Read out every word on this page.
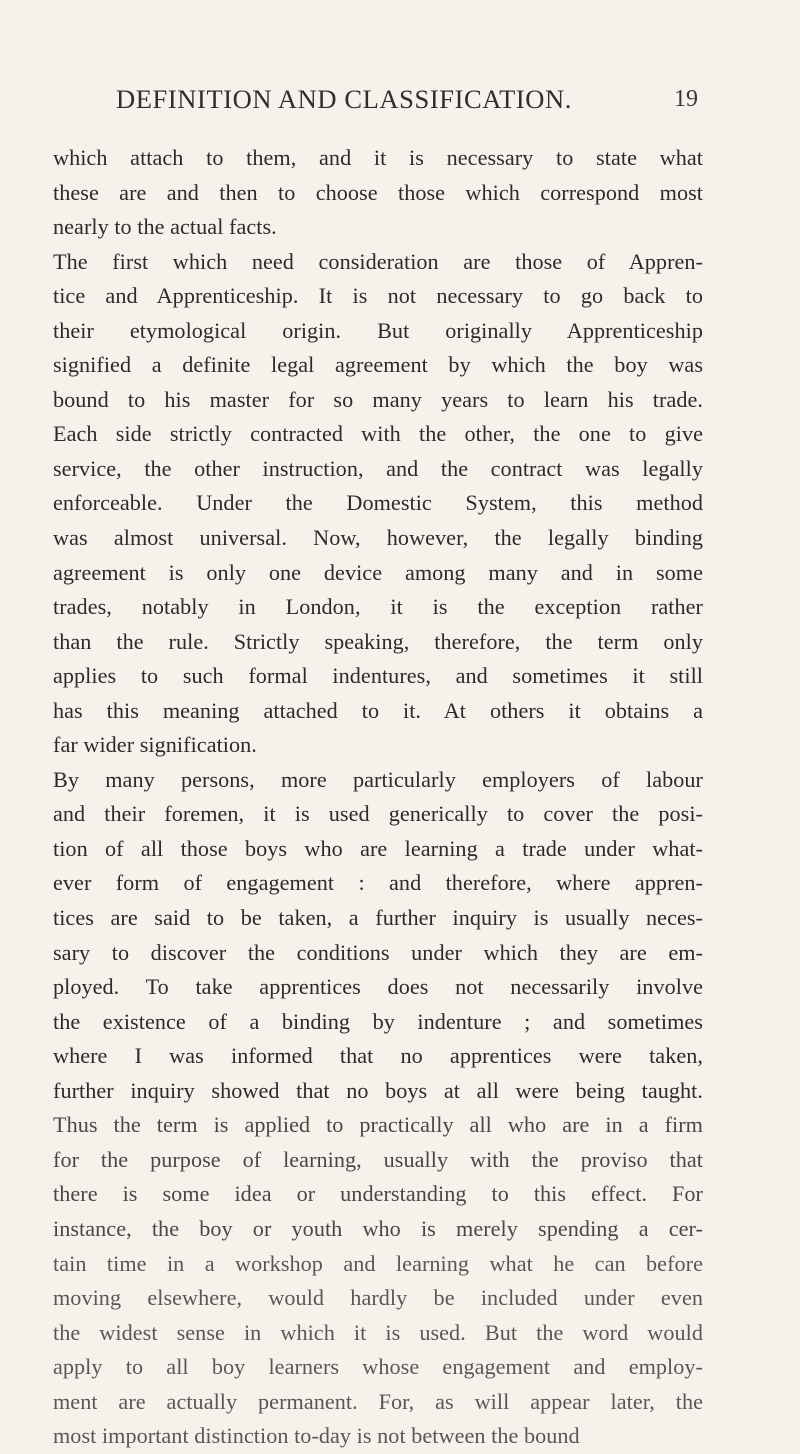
DEFINITION AND CLASSIFICATION.	19
which attach to them, and it is necessary to state what
these are and then to choose those which correspond most
nearly to the actual facts.
The first which need consideration are those of Appren-
tice and Apprenticeship. It is not necessary to go back to
their etymological origin. But originally Apprenticeship
signified a definite legal agreement by which the boy was
bound to his master for so many years to learn his trade.
Each side strictly contracted with the other, the one to give
service, the other instruction, and the contract was legally
enforceable. Under the Domestic System, this method
was almost universal. Now, however, the legally binding
agreement is only one device among many and in some
trades, notably in London, it is the exception rather
than the rule. Strictly speaking, therefore, the term only
applies to such formal indentures, and sometimes it still
has this meaning attached to it. At others it obtains a
far wider signification.
By many persons, more particularly employers of labour
and their foremen, it is used generically to cover the posi-
tion of all those boys who are learning a trade under what-
ever form of engagement : and therefore, where appren-
tices are said to be taken, a further inquiry is usually neces-
sary to discover the conditions under which they are em-
ployed. To take apprentices does not necessarily involve
the existence of a binding by indenture ; and sometimes
where I was informed that no apprentices were taken,
further inquiry showed that no boys at all were being taught.
Thus the term is applied to practically all who are in a firm
for the purpose of learning, usually with the proviso that
there is some idea or understanding to this effect. For
instance, the boy or youth who is merely spending a cer-
tain time in a workshop and learning what he can before
moving elsewhere, would hardly be included under even
the widest sense in which it is used. But the word would
apply to all boy learners whose engagement and employ-
ment are actually permanent. For, as will appear later, the
most important distinction to-day is not between the bound
